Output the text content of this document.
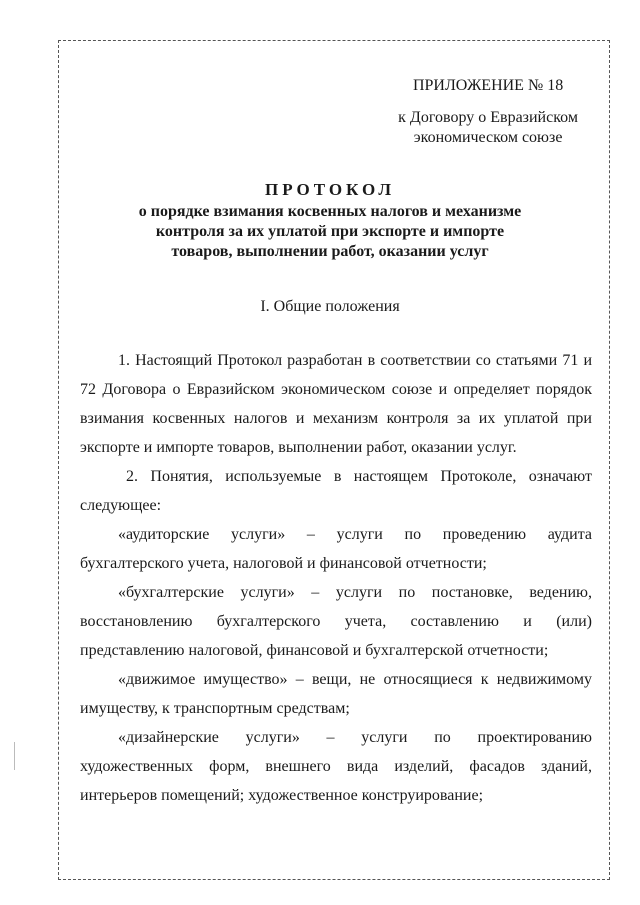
ПРИЛОЖЕНИЕ № 18
к Договору о Евразийском
экономическом союзе
ПРОТОКОЛ
о порядке взимания косвенных налогов и механизме
контроля за их уплатой при экспорте и импорте
товаров, выполнении работ, оказании услуг
I. Общие положения

1. Настоящий Протокол разработан в соответствии со статьями 71 и 72 Договора о Евразийском экономическом союзе и определяет порядок взимания косвенных налогов и механизм контроля за их уплатой при экспорте и импорте товаров, выполнении работ, оказании услуг.

2. Понятия, используемые в настоящем Протоколе, означают следующее:

«аудиторские услуги» – услуги по проведению аудита бухгалтерского учета, налоговой и финансовой отчетности;

«бухгалтерские услуги» – услуги по постановке, ведению, восстановлению бухгалтерского учета, составлению и (или) представлению налоговой, финансовой и бухгалтерской отчетности;

«движимое имущество» – вещи, не относящиеся к недвижимому имуществу, к транспортным средствам;

«дизайнерские услуги» – услуги по проектированию художественных форм, внешнего вида изделий, фасадов зданий, интерьеров помещений; художественное конструирование;
